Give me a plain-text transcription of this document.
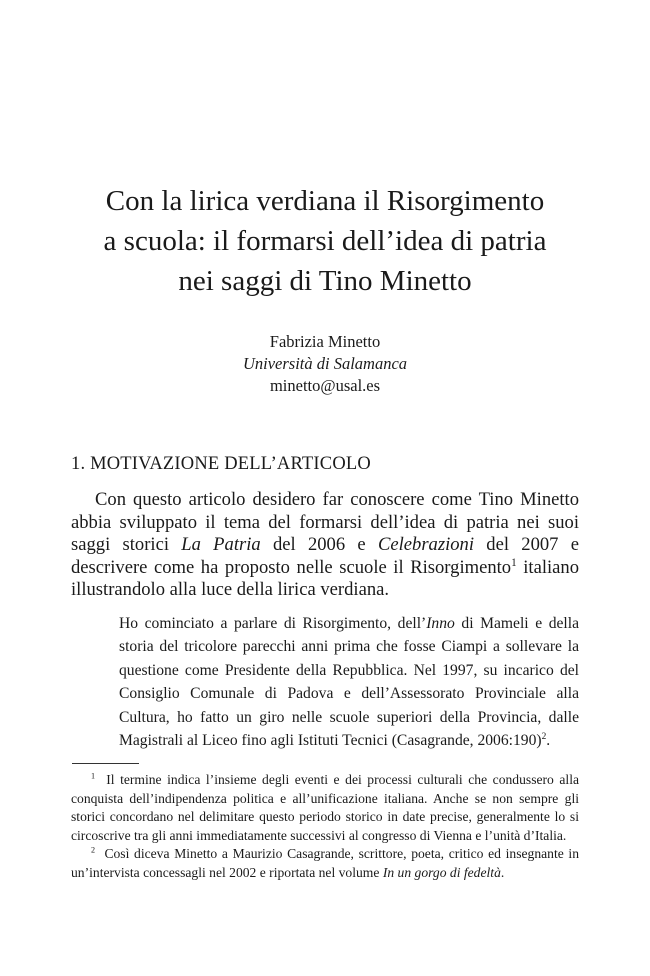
Con la lirica verdiana il Risorgimento
a scuola: il formarsi dell’idea di patria
nei saggi di Tino Minetto
Fabrizia Minetto
Università di Salamanca
minetto@usal.es
1. MOTIVAZIONE DELL’ARTICOLO

Con questo articolo desidero far conoscere come Tino Minetto abbia sviluppato il tema del formarsi dell’idea di patria nei suoi saggi storici La Patria del 2006 e Celebrazioni del 2007 e descrivere come ha proposto nelle scuole il Risorgimento$^1$ italiano illustrandolo alla luce della lirica verdiana.

Ho cominciato a parlare di Risorgimento, dell’Inno di Mameli e della storia del tricolore parecchi anni prima che fosse Ciampi a sollevare la questione come Presidente della Repubblica. Nel 1997, su incarico del Consiglio Comunale di Padova e dell’Assessorato Provinciale alla Cultura, ho fatto un giro nelle scuole superiori della Provincia, dalle Magistrali al Liceo fino agli Istituti Tecnici (Casagrande, 2006:190)$^2$.

$^1$ Il termine indica l’insieme degli eventi e dei processi culturali che condussero alla conquista dell’indipendenza politica e all’unificazione italiana. Anche se non sempre gli storici concordano nel delimitare questo periodo storico in date precise, generalmente lo si circoscrive tra gli anni immediatamente successivi al congresso di Vienna e l’unità d’Italia.

$^2$ Così diceva Minetto a Maurizio Casagrande, scrittore, poeta, critico ed insegnante in un’intervista concessagli nel 2002 e riportata nel volume In un gorgo di fedeltà.
